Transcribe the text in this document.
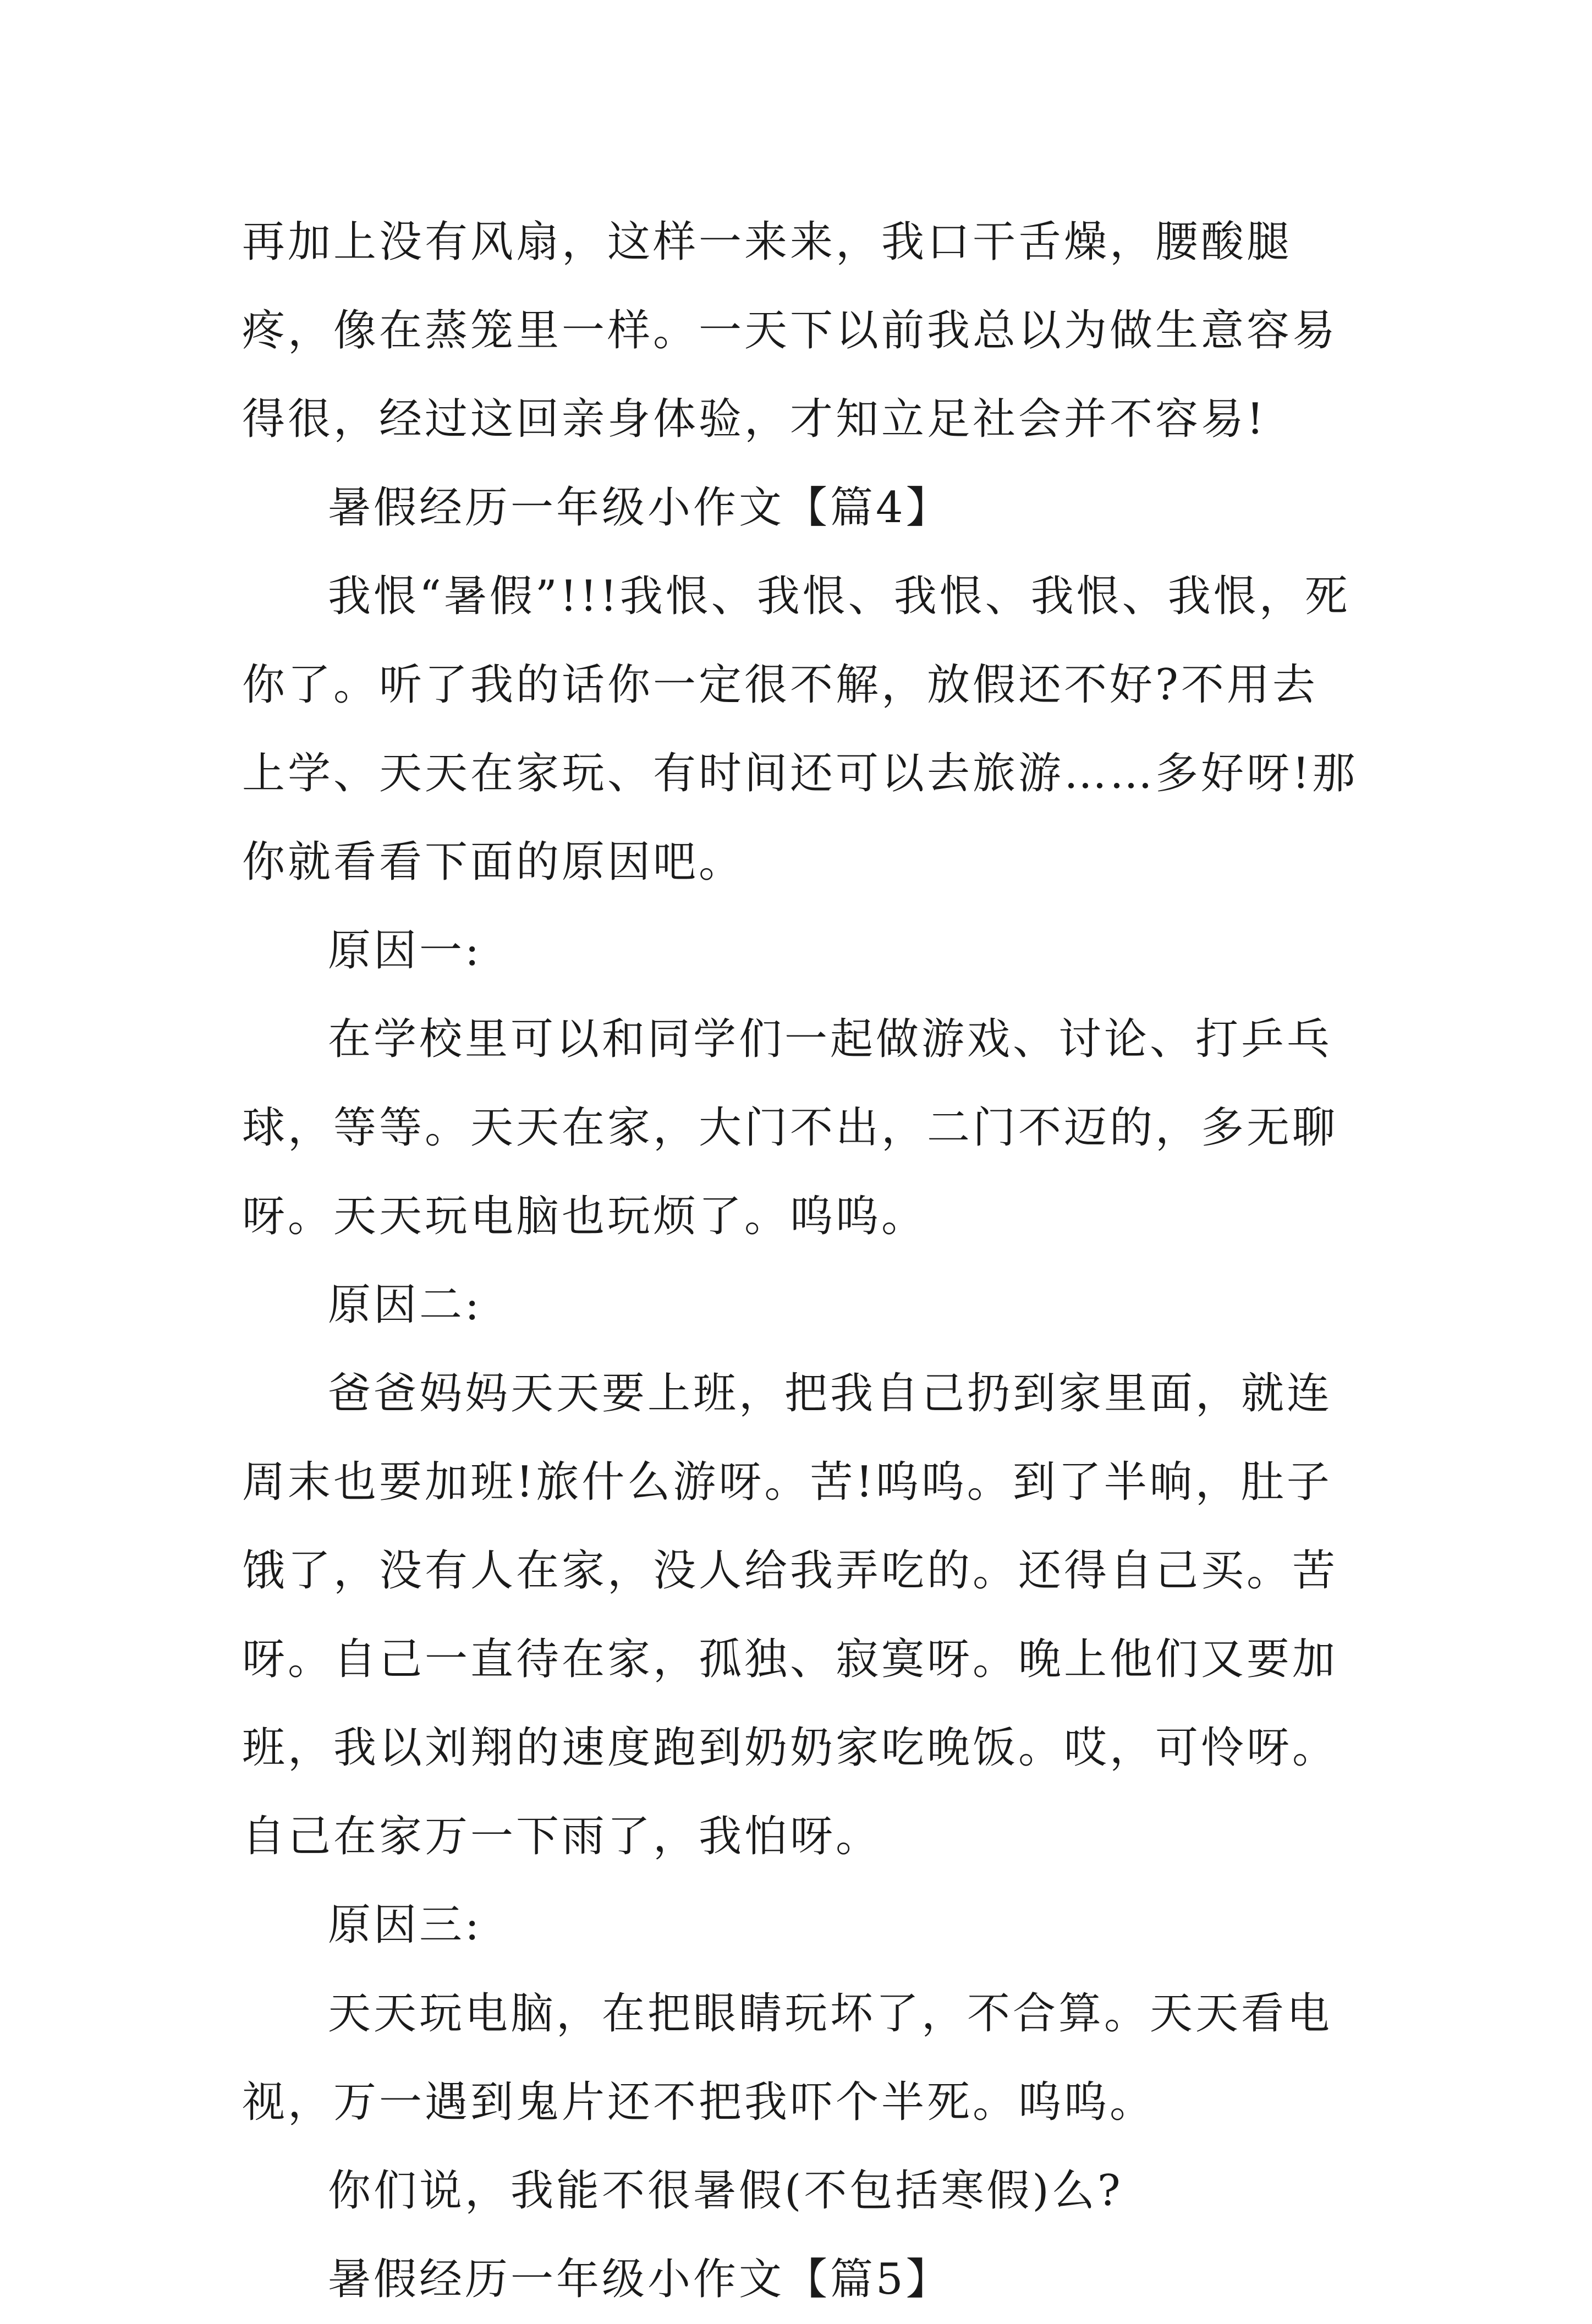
再加上没有风扇，这样一来来，我口干舌燥，腰酸腿疼，像在蒸笼里一样。一天下以前我总以为做生意容易得很，经过这回亲身体验，才知立足社会并不容易!

暑假经历一年级小作文【篇4】

我恨“暑假”!!!我恨、我恨、我恨、我恨、我恨，死你了。听了我的话你一定很不解，放假还不好?不用去上学、天天在家玩、有时间还可以去旅游……多好呀!那你就看看下面的原因吧。

原因一:

在学校里可以和同学们一起做游戏、讨论、打乒乓球，等等。天天在家，大门不出，二门不迈的，多无聊呀。天天玩电脑也玩烦了。呜呜。

原因二:

爸爸妈妈天天要上班，把我自己扔到家里面，就连周末也要加班!旅什么游呀。苦!呜呜。到了半晌，肚子饿了，没有人在家，没人给我弄吃的。还得自己买。苦呀。自己一直待在家，孤独、寂寞呀。晚上他们又要加班，我以刘翔的速度跑到奶奶家吃晚饭。哎，可怜呀。自己在家万一下雨了，我怕呀。

原因三:

天天玩电脑，在把眼睛玩坏了，不合算。天天看电视，万一遇到鬼片还不把我吓个半死。呜呜。

你们说，我能不很暑假(不包括寒假)么?

暑假经历一年级小作文【篇5】
